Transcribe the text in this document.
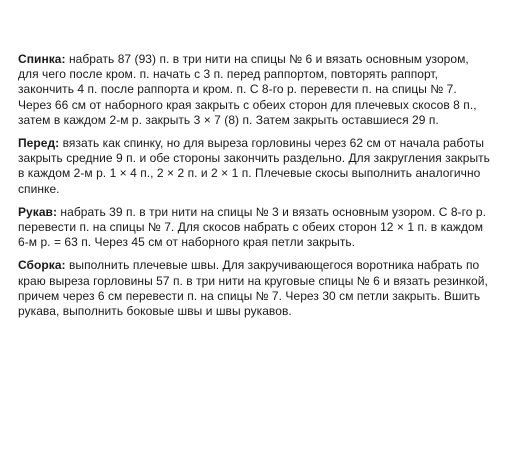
Спинка: набрать 87 (93) п. в три нити на спицы № 6 и вязать основным узором, для чего после кром. п. начать с 3 п. перед раппортом, повторять раппорт, закончить 4 п. после раппорта и кром. п. С 8-го р. перевести п. на спицы № 7. Через 66 см от наборного края закрыть с обеих сторон для плечевых скосов 8 п., затем в каждом 2-м р. закрыть 3 × 7 (8) п. Затем закрыть оставшиеся 29 п.

Перед: вязать как спинку, но для выреза горловины через 62 см от начала работы закрыть средние 9 п. и обе стороны закончить раздельно. Для закругления закрыть в каждом 2-м р. 1 × 4 п., 2 × 2 п. и 2 × 1 п. Плечевые скосы выполнить аналогично спинке.

Рукав: набрать 39 п. в три нити на спицы № 3 и вязать основным узором. С 8-го р. перевести п. на спицы № 7. Для скосов набрать с обеих сторон 12 × 1 п. в каждом 6-м р. = 63 п. Через 45 см от наборного края петли закрыть.

Сборка: выполнить плечевые швы. Для закручивающегося воротника набрать по краю выреза горловины 57 п. в три нити на круговые спицы № 6 и вязать резинкой, причем через 6 см перевести п. на спицы № 7. Через 30 см петли закрыть. Вшить рукава, выполнить боковые швы и швы рукавов.
